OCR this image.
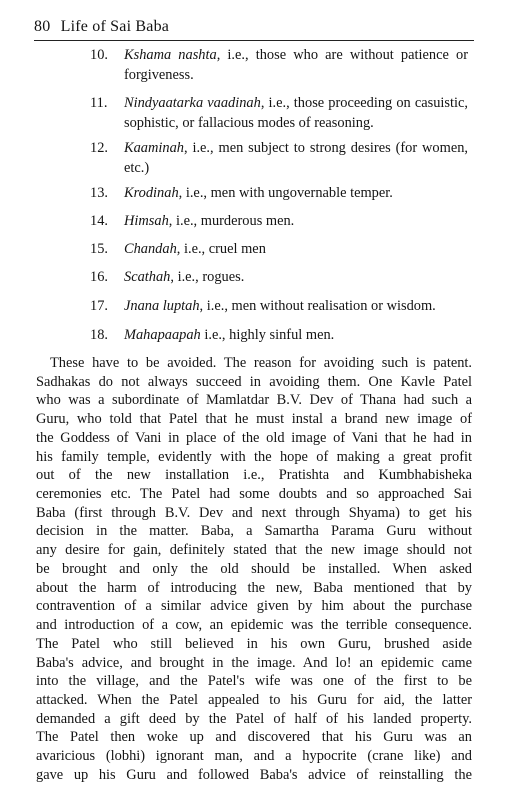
80 Life of Sai Baba
10.	Kshama nashta, i.e., those who are without patience or forgiveness.
11.	Nindyaatarka vaadinah, i.e., those proceeding on casuistic, sophistic, or fallacious modes of reasoning.
12.	Kaaminah, i.e., men subject to strong desires (for women, etc.)
13.	Krodinah, i.e., men with ungovernable temper.
14.	Himsah, i.e., murderous men.
15.	Chandah, i.e., cruel men
16.	Scathah, i.e., rogues.
17.	Jnana luptah, i.e., men without realisation or wisdom.
18.	Mahapaapah i.e., highly sinful men.
These have to be avoided. The reason for avoiding such is patent.
Sadhakas do not always succeed in avoiding them. One Kavle Patel
who was a subordinate of Mamlatdar B.V. Dev of Thana had such a
Guru, who told that Patel that he must instal a brand new image of
the Goddess of Vani in place of the old image of Vani that he had in
his family temple, evidently with the hope of making a great profit
out of the new installation i.e., Pratishta and Kumbhabisheka
ceremonies etc. The Patel had some doubts and so approached Sai
Baba (first through B.V. Dev and next through Shyama) to get his
decision in the matter. Baba, a Samartha Parama Guru without
any desire for gain, definitely stated that the new image should not
be brought and only the old should be installed. When asked
about the harm of introducing the new, Baba mentioned that by
contravention of a similar advice given by him about the purchase
and introduction of a cow, an epidemic was the terrible consequence.
The Patel who still believed in his own Guru, brushed aside
Baba's advice, and brought in the image. And lo! an epidemic came
into the village, and the Patel's wife was one of the first to be
attacked. When the Patel appealed to his Guru for aid, the latter
demanded a gift deed by the Patel of half of his landed property.
The Patel then woke up and discovered that his Guru was an
avaricious (lobhi) ignorant man, and a hypocrite (crane like) and
gave up his Guru and followed Baba's advice of reinstalling the
